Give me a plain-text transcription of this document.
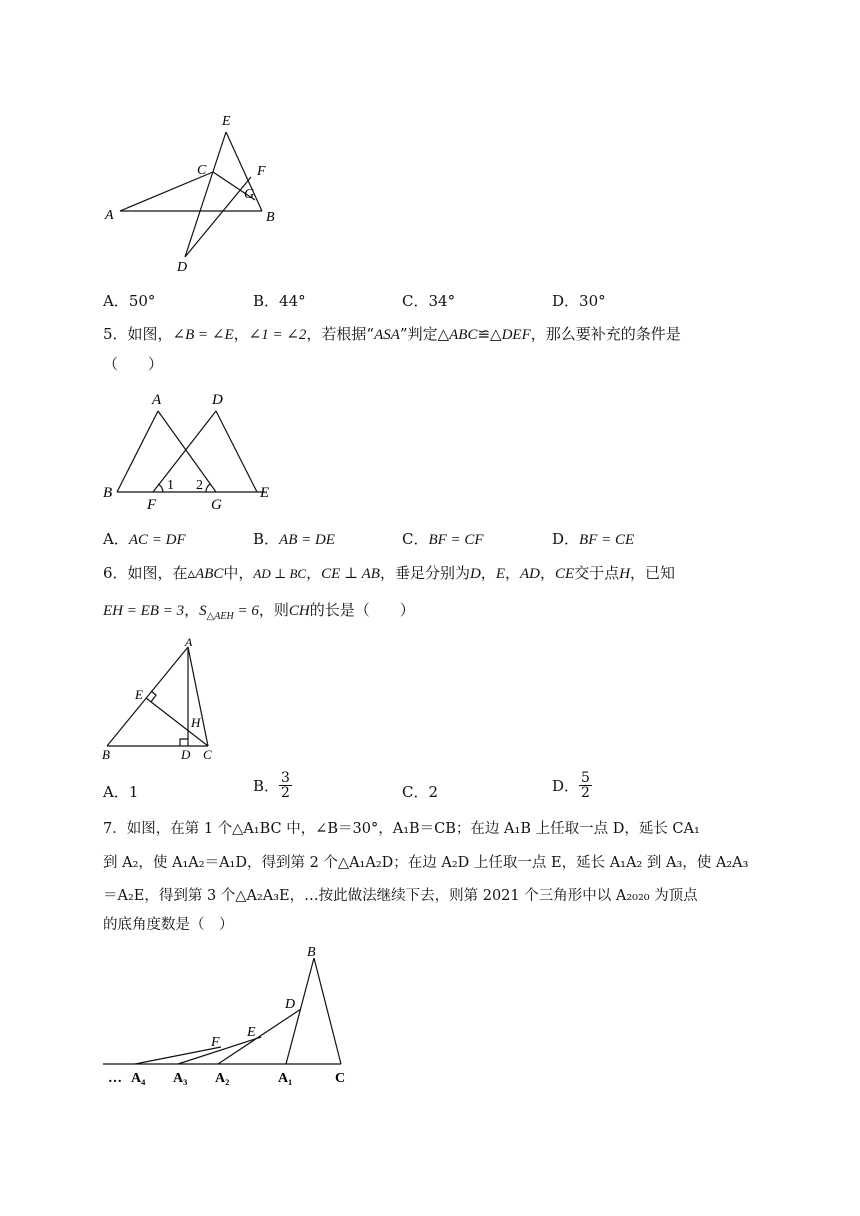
E
C	F
G
A	B
D
A．50°	B．44°	C．34°	D．30°
5．如图，∠B = ∠E，∠1 = ∠2，若根据“ASA”判定△ABC≌△DEF，那么要补充的条件是
（　　）
A	D
B
F
1 2
G
E
A．AC = DF	B．AB = DE	C．BF = CF	D．BF = CE
6．如图，在▵ABC中，AD ⊥ BC，CE ⊥ AB，垂足分别为D，E，AD，CE交于点H，已知
EH = EB = 3，$S_{\triangle AEH} = 6$，则CH的长是（　　）
A
E
H
B	D C
A．1	B． $\frac{3}{2}$	C．2	D． $\frac{5}{2}$
7．如图，在第 1 个△A₁BC 中，∠B＝30°，A₁B＝CB；在边 A₁B 上任取一点 D，延长 CA₁
到 A₂，使 A₁A₂＝A₁D，得到第 2 个△A₁A₂D；在边 A₂D 上任取一点 E，延长 A₁A₂ 到 A₃，使 A₂A₃
＝A₂E，得到第 3 个△A₂A₃E，…按此做法继续下去，则第 2021 个三角形中以 A₂₀₂₀ 为顶点
的底角度数是（　）
B
D
E
F
… A₄ A₃ A₂	A₁	C
